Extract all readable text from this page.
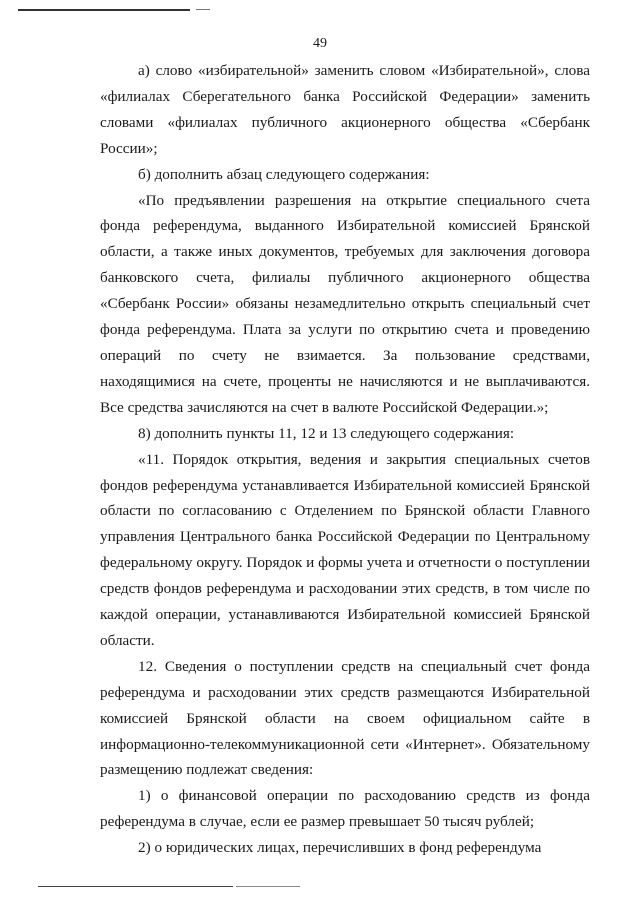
49

а) слово «избирательной» заменить словом «Избирательной», слова «филиалах Сберегательного банка Российской Федерации» заменить словами «филиалах публичного акционерного общества «Сбербанк России»;

б) дополнить абзац следующего содержания:

«По предъявлении разрешения на открытие специального счета фонда референдума, выданного Избирательной комиссией Брянской области, а также иных документов, требуемых для заключения договора банковского счета, филиалы публичного акционерного общества «Сбербанк России» обязаны незамедлительно открыть специальный счет фонда референдума. Плата за услуги по открытию счета и проведению операций по счету не взимается. За пользование средствами, находящимися на счете, проценты не начисляются и не выплачиваются. Все средства зачисляются на счет в валюте Российской Федерации.»;

8) дополнить пункты 11, 12 и 13 следующего содержания:

«11. Порядок открытия, ведения и закрытия специальных счетов фондов референдума устанавливается Избирательной комиссией Брянской области по согласованию с Отделением по Брянской области Главного управления Центрального банка Российской Федерации по Центральному федеральному округу. Порядок и формы учета и отчетности о поступлении средств фондов референдума и расходовании этих средств, в том числе по каждой операции, устанавливаются Избирательной комиссией Брянской области.

12. Сведения о поступлении средств на специальный счет фонда референдума и расходовании этих средств размещаются Избирательной комиссией Брянской области на своем официальном сайте в информационно-телекоммуникационной сети «Интернет». Обязательному размещению подлежат сведения:

1) о финансовой операции по расходованию средств из фонда референдума в случае, если ее размер превышает 50 тысяч рублей;

2) о юридических лицах, перечисливших в фонд референдума
